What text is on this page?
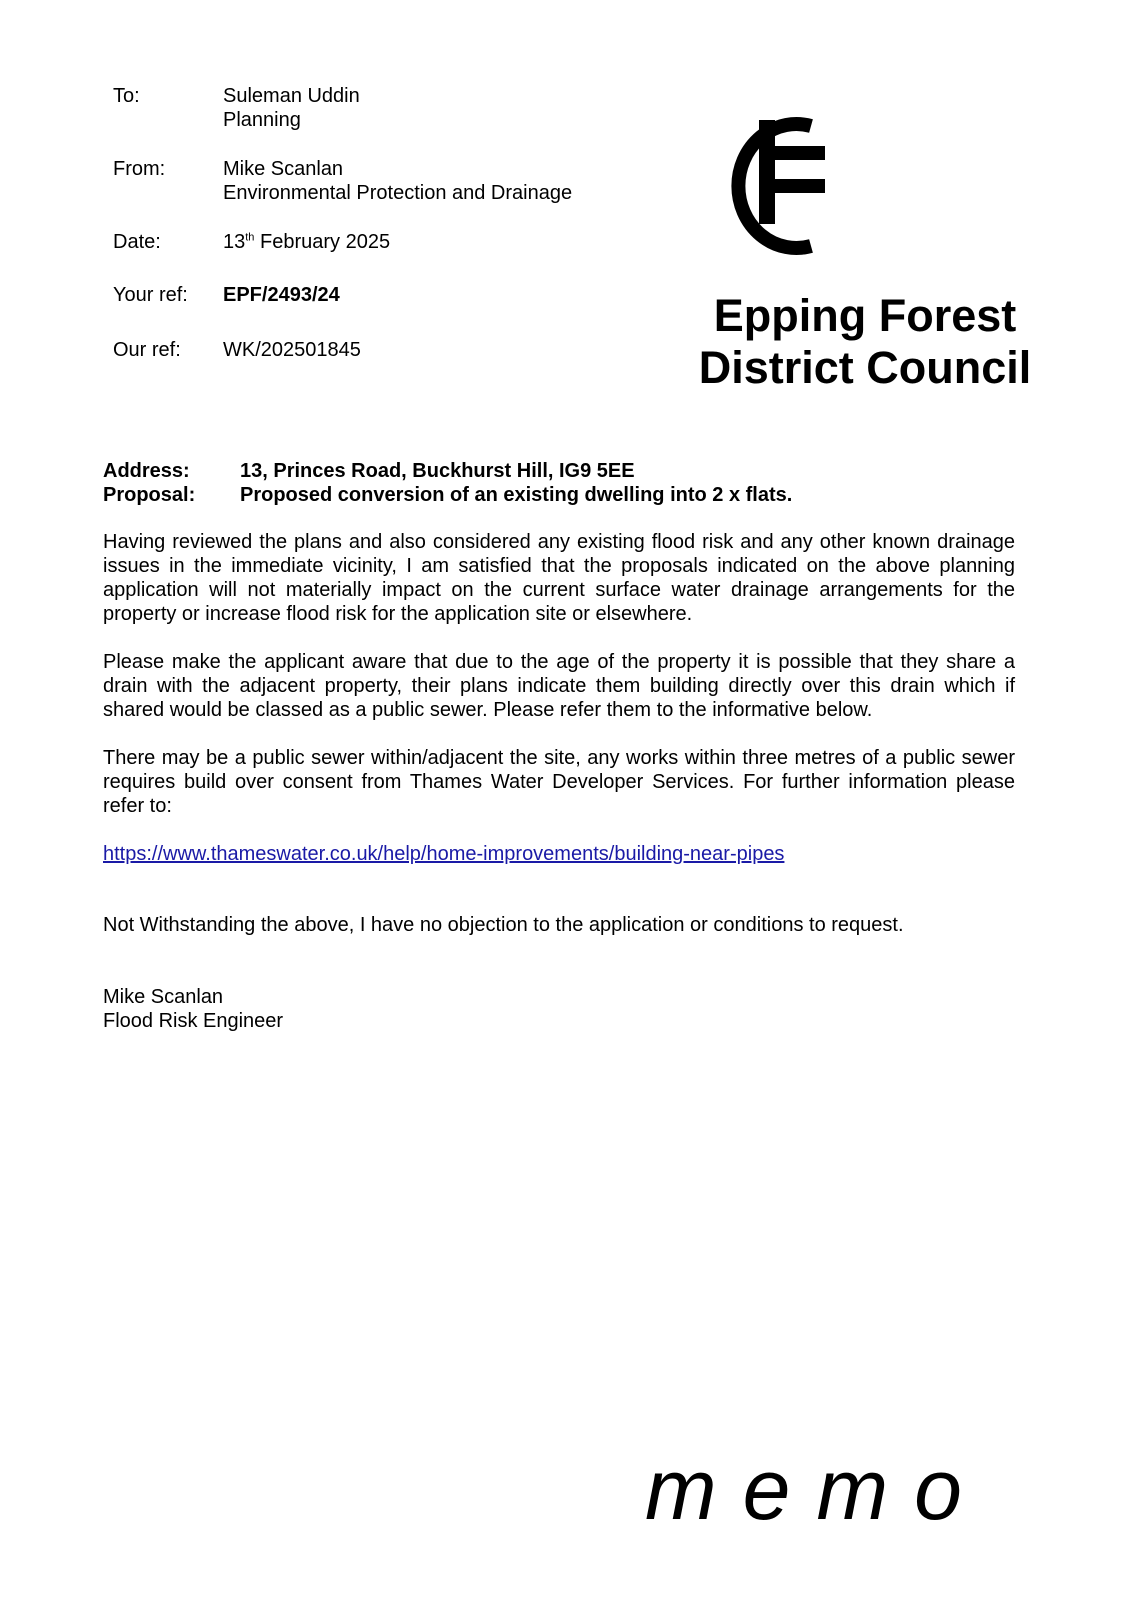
To:	Suleman Uddin
Planning
From:	Mike Scanlan
Environmental Protection and Drainage
Date:	13th February 2025
Your ref:	EPF/2493/24
Our ref:	WK/202501845
Epping Forest
District Council
Address:	13, Princes Road, Buckhurst Hill, IG9 5EE
Proposal:	Proposed conversion of an existing dwelling into 2 x flats.
Having reviewed the plans and also considered any existing flood risk and any other known drainage issues in the immediate vicinity, I am satisfied that the proposals indicated on the above planning application will not materially impact on the current surface water drainage arrangements for the property or increase flood risk for the application site or elsewhere.
Please make the applicant aware that due to the age of the property it is possible that they share a drain with the adjacent property, their plans indicate them building directly over this drain which if shared would be classed as a public sewer. Please refer them to the informative below.
There may be a public sewer within/adjacent the site, any works within three metres of a public sewer requires build over consent from Thames Water Developer Services. For further information please refer to:
https://www.thameswater.co.uk/help/home-improvements/building-near-pipes
Not Withstanding the above, I have no objection to the application or conditions to request.
Mike Scanlan
Flood Risk Engineer
memo
